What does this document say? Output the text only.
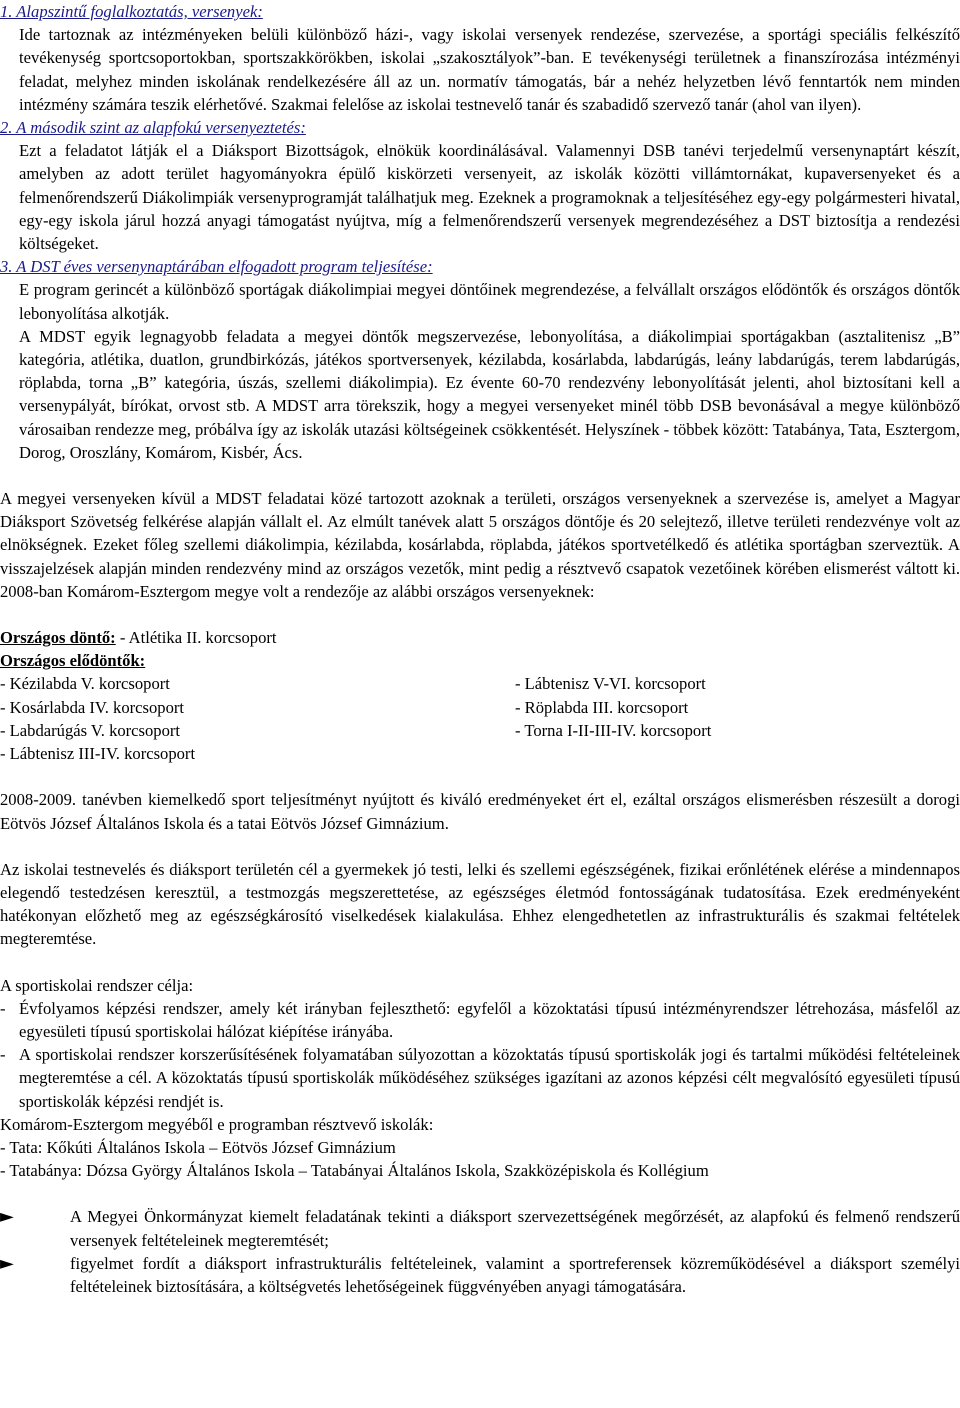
1. Alapszintű foglalkoztatás, versenyek:

Ide tartoznak az intézményeken belüli különböző házi-, vagy iskolai versenyek rendezése, szervezése, a sportági speciális felkészítő tevékenység sportcsoportokban, sportszakkörökben, iskolai „szakosztályok”-ban. E tevékenységi területnek a finanszírozása intézményi feladat, melyhez minden iskolának rendelkezésére áll az un. normatív támogatás, bár a nehéz helyzetben lévő fenntartók nem minden intézmény számára teszik elérhetővé. Szakmai felelőse az iskolai testnevelő tanár és szabadidő szervező tanár (ahol van ilyen).

2. A második szint az alapfokú versenyeztetés:

Ezt a feladatot látják el a Diáksport Bizottságok, elnökük koordinálásával. Valamennyi DSB tanévi terjedelmű versenynaptárt készít, amelyben az adott terület hagyományokra épülő kiskörzeti versenyeit, az iskolák közötti villámtornákat, kupaversenyeket és a felmenőrendszerű Diákolimpiák versenyprogramját találhatjuk meg. Ezeknek a programoknak a teljesítéséhez egy-egy polgármesteri hivatal, egy-egy iskola járul hozzá anyagi támogatást nyújtva, míg a felmenőrendszerű versenyek megrendezéséhez a DST biztosítja a rendezési költségeket.

3. A DST éves versenynaptárában elfogadott program teljesítése:

E program gerincét a különböző sportágak diákolimpiai megyei döntőinek megrendezése, a felvállalt országos elődöntők és országos döntők lebonyolítása alkotják.

A MDST egyik legnagyobb feladata a megyei döntők megszervezése, lebonyolítása, a diákolimpiai sportágakban (asztalitenisz „B” kategória, atlétika, duatlon, grundbirkózás, játékos sportversenyek, kézilabda, kosárlabda, labdarúgás, leány labdarúgás, terem labdarúgás, röplabda, torna „B” kategória, úszás, szellemi diákolimpia). Ez évente 60-70 rendezvény lebonyolítását jelenti, ahol biztosítani kell a versenypályát, bírókat, orvost stb. A MDST arra törekszik, hogy a megyei versenyeket minél több DSB bevonásával a megye különböző városaiban rendezze meg, próbálva így az iskolák utazási költségeinek csökkentését. Helyszínek - többek között: Tatabánya, Tata, Esztergom, Dorog, Oroszlány, Komárom, Kisbér, Ács.

A megyei versenyeken kívül a MDST feladatai közé tartozott azoknak a területi, országos versenyeknek a szervezése is, amelyet a Magyar Diáksport Szövetség felkérése alapján vállalt el. Az elmúlt tanévek alatt 5 országos döntője és 20 selejtező, illetve területi rendezvénye volt az elnökségnek. Ezeket főleg szellemi diákolimpia, kézilabda, kosárlabda, röplabda, játékos sportvetélkedő és atlétika sportágban szerveztük. A visszajelzések alapján minden rendezvény mind az országos vezetők, mint pedig a résztvevő csapatok vezetőinek körében elismerést váltott ki. 2008-ban Komárom-Esztergom megye volt a rendezője az alábbi országos versenyeknek:

Országos döntő: - Atlétika II. korcsoport

Országos elődöntők:

- Kézilabda V. korcsoport
- Kosárlabda IV. korcsoport
- Labdarúgás V. korcsoport
- Lábtenisz III-IV. korcsoport
- Lábtenisz V-VI. korcsoport
- Röplabda III. korcsoport
- Torna I-II-III-IV. korcsoport

2008-2009. tanévben kiemelkedő sport teljesítményt nyújtott és kiváló eredményeket ért el, ezáltal országos elismerésben részesült a dorogi Eötvös József Általános Iskola és a tatai Eötvös József Gimnázium.

Az iskolai testnevelés és diáksport területén cél a gyermekek jó testi, lelki és szellemi egészségének, fizikai erőnlétének elérése a mindennapos elegendő testedzésen keresztül, a testmozgás megszerettetése, az egészséges életmód fontosságának tudatosítása. Ezek eredményeként hatékonyan előzhető meg az egészségkárosító viselkedések kialakulása. Ehhez elengedhetetlen az infrastrukturális és szakmai feltételek megteremtése.

A sportiskolai rendszer célja:

- Évfolyamos képzési rendszer, amely két irányban fejleszthető: egyfelől a közoktatási típusú intézményrendszer létrehozása, másfelől az egyesületi típusú sportiskolai hálózat kiépítése irányába.
- A sportiskolai rendszer korszerűsítésének folyamatában súlyozottan a közoktatás típusú sportiskolák jogi és tartalmi működési feltételeinek megteremtése a cél. A közoktatás típusú sportiskolák működéséhez szükséges igazítani az azonos képzési célt megvalósító egyesületi típusú sportiskolák képzési rendjét is.

Komárom-Esztergom megyéből e programban résztvevő iskolák:

- Tata: Kőkúti Általános Iskola – Eötvös József Gimnázium
- Tatabánya: Dózsa György Általános Iskola – Tatabányai Általános Iskola, Szakközépiskola és Kollégium
►	A Megyei Önkormányzat kiemelt feladatának tekinti a diáksport szervezettségének megőrzését, az alapfokú és felmenő rendszerű versenyek feltételeinek megteremtését;
►	figyelmet fordít a diáksport infrastrukturális feltételeinek, valamint a sportreferensek közreműködésével a diáksport személyi feltételeinek biztosítására, a költségvetés lehetőségeinek függvényében anyagi támogatására.
